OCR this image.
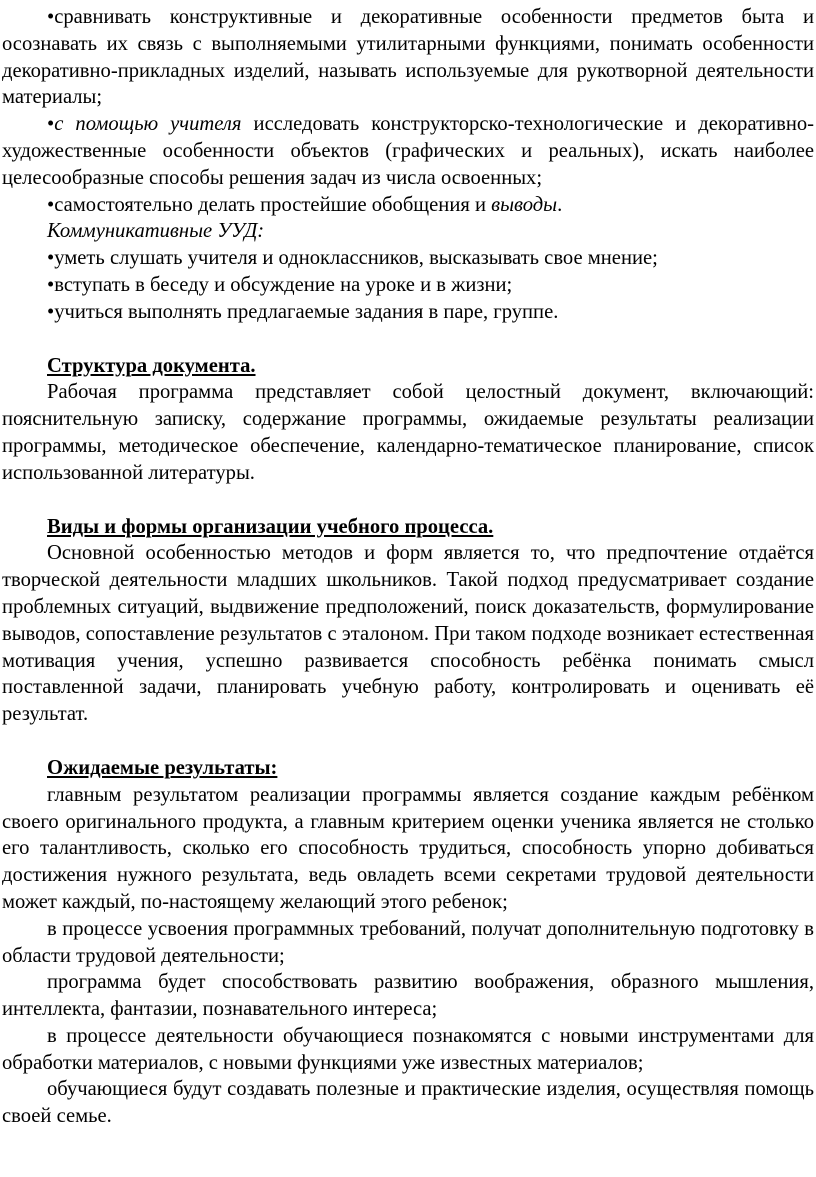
•сравнивать конструктивные и декоративные особенности предметов быта и осознавать их связь с выполняемыми утилитарными функциями, понимать особенности декоративно-прикладных изделий, называть используемые для рукотворной деятельности материалы;

•с помощью учителя исследовать конструкторско-технологические и декоративно-художественные особенности объектов (графических и реальных), искать наиболее целесообразные способы решения задач из числа освоенных;

•самостоятельно делать простейшие обобщения и выводы.

Коммуникативные УУД:

•уметь слушать учителя и одноклассников, высказывать свое мнение;

•вступать в беседу и обсуждение на уроке и в жизни;

•учиться выполнять предлагаемые задания в паре, группе.

Структура документа.

Рабочая программа представляет собой целостный документ, включающий: пояснительную записку, содержание программы, ожидаемые результаты реализации программы, методическое обеспечение, календарно-тематическое планирование, список использованной литературы.

Виды и формы организации учебного процесса.

Основной особенностью методов и форм является то, что предпочтение отдаётся творческой деятельности младших школьников. Такой подход предусматривает создание проблемных ситуаций, выдвижение предположений, поиск доказательств, формулирование выводов, сопоставление результатов с эталоном. При таком подходе возникает естественная мотивация учения, успешно развивается способность ребёнка понимать смысл поставленной задачи, планировать учебную работу, контролировать и оценивать её результат.

Ожидаемые результаты:

главным результатом реализации программы является создание каждым ребёнком своего оригинального продукта, а главным критерием оценки ученика является не столько его талантливость, сколько его способность трудиться, способность упорно добиваться достижения нужного результата, ведь овладеть всеми секретами трудовой деятельности может каждый, по-настоящему желающий этого ребенок;

в процессе усвоения программных требований, получат дополнительную подготовку в области трудовой деятельности;

программа будет способствовать развитию воображения, образного мышления, интеллекта, фантазии, познавательного интереса;

в процессе деятельности обучающиеся познакомятся с новыми инструментами для обработки материалов, с новыми функциями уже известных материалов;

обучающиеся будут создавать полезные и практические изделия, осуществляя помощь своей семье.
